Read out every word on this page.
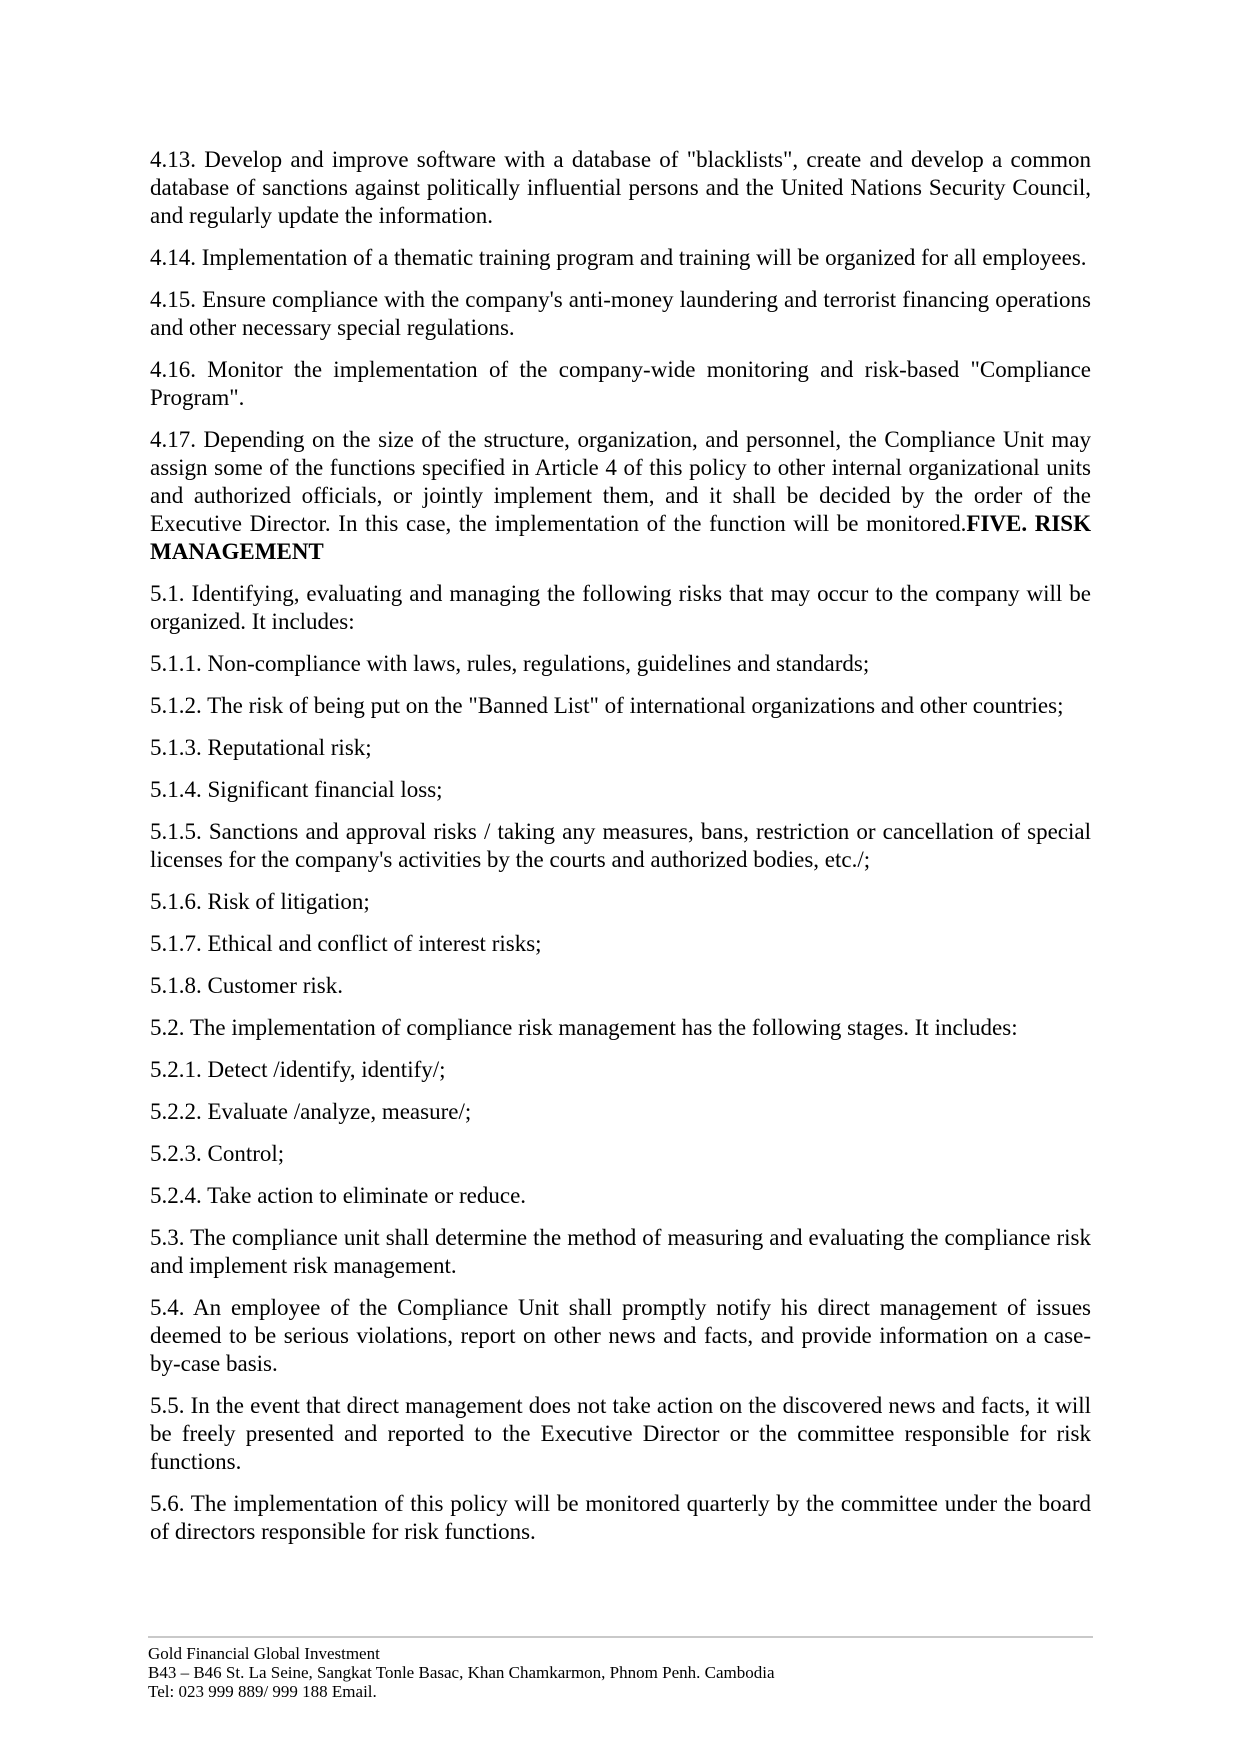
4.13. Develop and improve software with a database of "blacklists", create and develop a common database of sanctions against politically influential persons and the United Nations Security Council, and regularly update the information.

4.14. Implementation of a thematic training program and training will be organized for all employees.

4.15. Ensure compliance with the company's anti-money laundering and terrorist financing operations and other necessary special regulations.

4.16. Monitor the implementation of the company-wide monitoring and risk-based "Compliance Program".

4.17. Depending on the size of the structure, organization, and personnel, the Compliance Unit may assign some of the functions specified in Article 4 of this policy to other internal organizational units and authorized officials, or jointly implement them, and it shall be decided by the order of the Executive Director. In this case, the implementation of the function will be monitored.FIVE. RISK MANAGEMENT

5.1. Identifying, evaluating and managing the following risks that may occur to the company will be organized. It includes:

5.1.1. Non-compliance with laws, rules, regulations, guidelines and standards;

5.1.2. The risk of being put on the "Banned List" of international organizations and other countries;

5.1.3. Reputational risk;

5.1.4. Significant financial loss;

5.1.5. Sanctions and approval risks / taking any measures, bans, restriction or cancellation of special licenses for the company's activities by the courts and authorized bodies, etc./;

5.1.6. Risk of litigation;

5.1.7. Ethical and conflict of interest risks;

5.1.8. Customer risk.

5.2. The implementation of compliance risk management has the following stages. It includes:

5.2.1. Detect /identify, identify/;

5.2.2. Evaluate /analyze, measure/;

5.2.3. Control;

5.2.4. Take action to eliminate or reduce.

5.3. The compliance unit shall determine the method of measuring and evaluating the compliance risk and implement risk management.

5.4. An employee of the Compliance Unit shall promptly notify his direct management of issues deemed to be serious violations, report on other news and facts, and provide information on a case-by-case basis.

5.5. In the event that direct management does not take action on the discovered news and facts, it will be freely presented and reported to the Executive Director or the committee responsible for risk functions.

5.6. The implementation of this policy will be monitored quarterly by the committee under the board of directors responsible for risk functions.

Gold Financial Global Investment
B43 – B46 St. La Seine, Sangkat Tonle Basac, Khan Chamkarmon, Phnom Penh. Cambodia
Tel: 023 999 889/ 999 188 Email.
